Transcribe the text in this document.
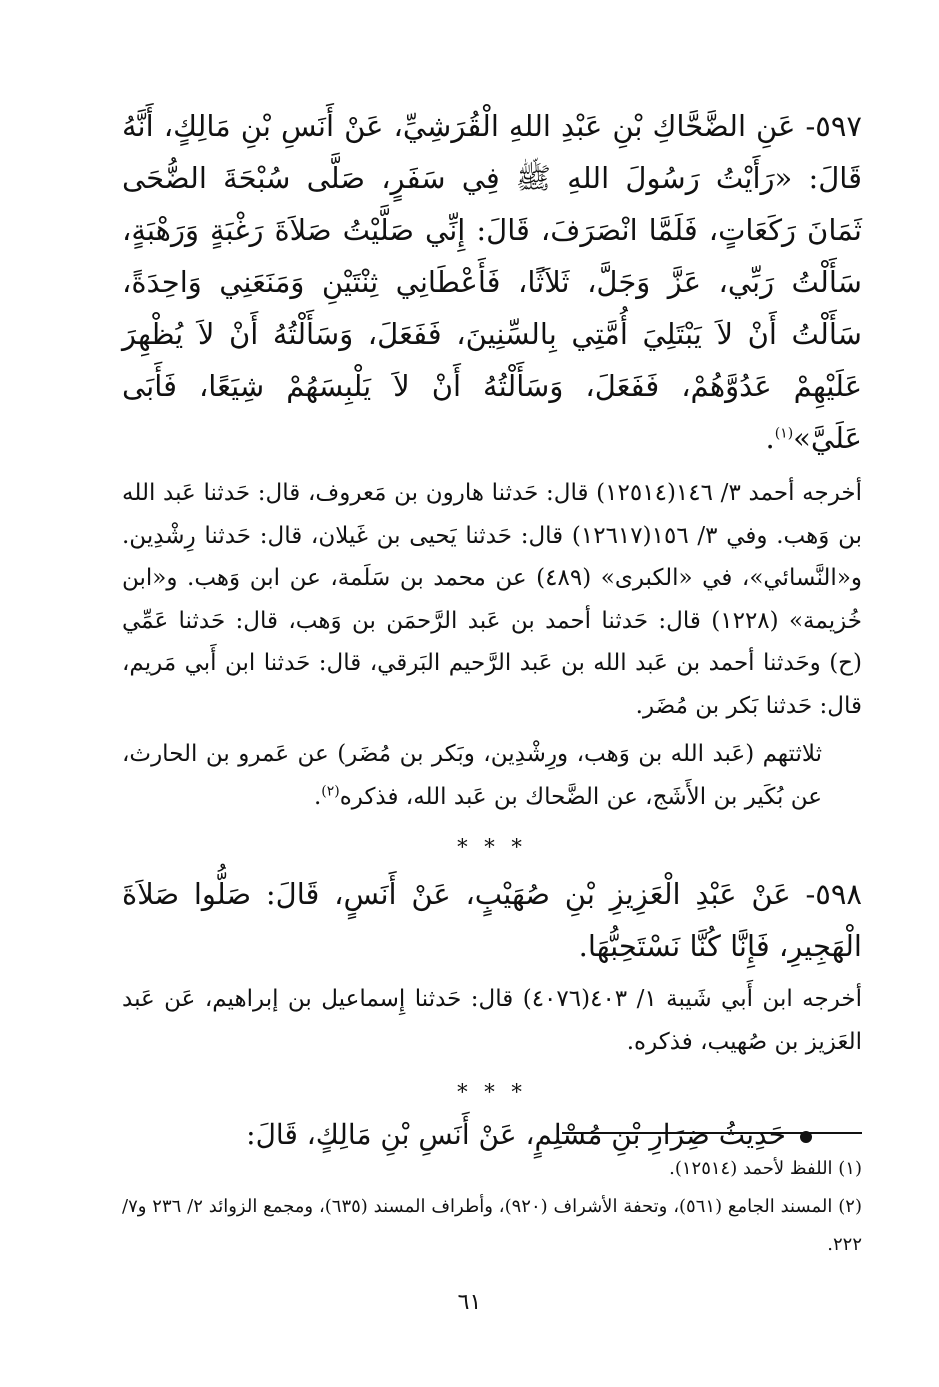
٥٩٧- عَنِ الضَّحَّاكِ بْنِ عَبْدِ اللهِ الْقُرَشِيِّ، عَنْ أَنَسِ بْنِ مَالِكٍ، أَنَّهُ قَالَ: «رَأَيْتُ رَسُولَ اللهِ ﷺ فِي سَفَرٍ، صَلَّى سُبْحَةَ الضُّحَى ثَمَانَ رَكَعَاتٍ، فَلَمَّا انْصَرَفَ، قَالَ: إِنِّي صَلَّيْتُ صَلاَةَ رَغْبَةٍ وَرَهْبَةٍ، سَأَلْتُ رَبِّي، عَزَّ وَجَلَّ، ثَلاَثًا، فَأَعْطَانِي ثِنْتَيْنِ وَمَنَعَنِي وَاحِدَةً، سَأَلْتُ أَنْ لاَ يَبْتَلِيَ أُمَّتِي بِالسِّنِينَ، فَفَعَلَ، وَسَأَلْتُهُ أَنْ لاَ يُظْهِرَ عَلَيْهِمْ عَدُوَّهُمْ، فَفَعَلَ، وَسَأَلْتُهُ أَنْ لاَ يَلْبِسَهُمْ شِيَعًا، فَأَبَى عَلَيَّ»$^{(١)}$.

أخرجه أحمد ٣/ ١٤٦(١٢٥١٤) قال: حَدثنا هارون بن مَعروف، قال: حَدثنا عَبد الله بن وَهب. وفي ٣/ ١٥٦(١٢٦١٧) قال: حَدثنا يَحيى بن غَيلان، قال: حَدثنا رِشْدِين. و«النَّسائي»، في «الكبرى» (٤٨٩) عن محمد بن سَلَمة، عن ابن وَهب. و«ابن خُزيمة» (١٢٢٨) قال: حَدثنا أحمد بن عَبد الرَّحمَن بن وَهب، قال: حَدثنا عَمِّي (ح) وحَدثنا أحمد بن عَبد الله بن عَبد الرَّحيم البَرقي، قال: حَدثنا ابن أَبي مَريم، قال: حَدثنا بَكر بن مُضَر.

ثلاثتهم (عَبد الله بن وَهب، ورِشْدِين، وبَكر بن مُضَر) عن عَمرو بن الحارث، عن بُكَير بن الأَشَج، عن الضَّحاك بن عَبد الله، فذكره$^{(٢)}$.

* * *

٥٩٨- عَنْ عَبْدِ الْعَزِيزِ بْنِ صُهَيْبٍ، عَنْ أَنَسٍ، قَالَ: صَلُّوا صَلاَةَ الْهَجِيرِ، فَإِنَّا كُنَّا نَسْتَحِبُّهَا.

أخرجه ابن أَبي شَيبة ١/ ٤٠٣(٤٠٧٦) قال: حَدثنا إِسماعيل بن إبراهيم، عَن عَبد العَزيز بن صُهيب، فذكره.

* * *

حَدِيثُ ضِرَارِ بْنِ مُسْلِمٍ، عَنْ أَنَسِ بْنِ مَالِكٍ، قَالَ:

(١) اللفظ لأحمد (١٢٥١٤).

(٢) المسند الجامع (٥٦١)، وتحفة الأشراف (٩٢٠)، وأطراف المسند (٦٣٥)، ومجمع الزوائد ٢/ ٢٣٦ و٧/ ٢٢٢.

٦١
